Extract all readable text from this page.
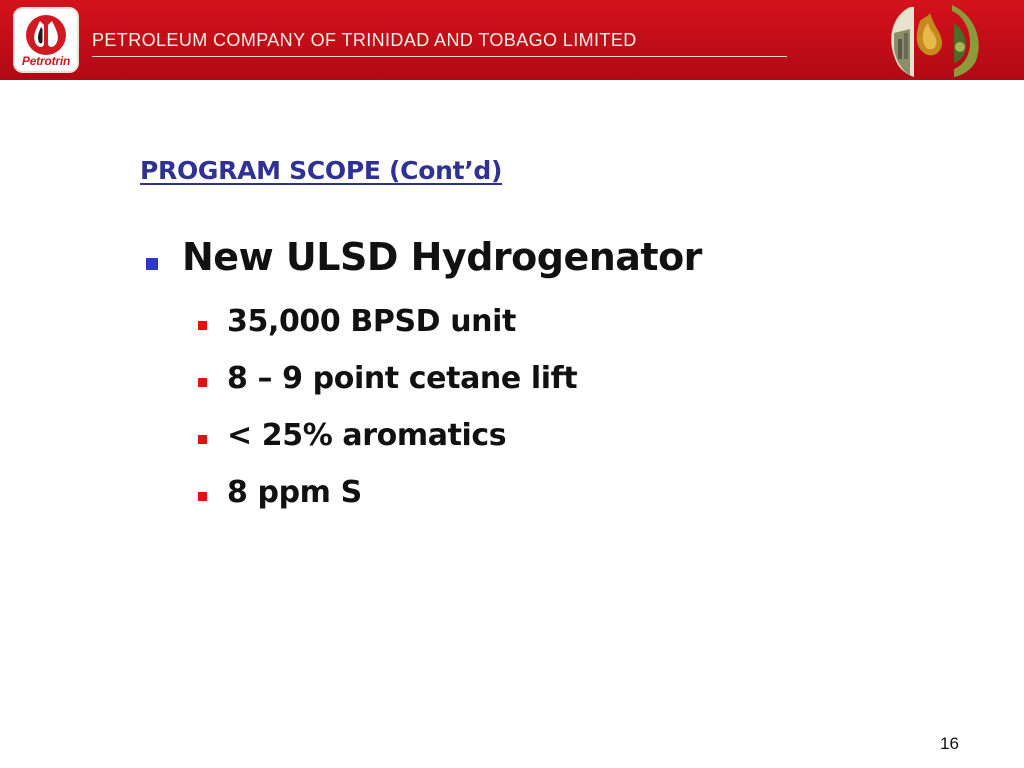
Petrotrin
PETROLEUM COMPANY OF TRINIDAD AND TOBAGO LIMITED
PROGRAM SCOPE (Cont’d)
New ULSD Hydrogenator
35,000 BPSD unit
8 – 9 point cetane lift
< 25% aromatics
8 ppm S
16
